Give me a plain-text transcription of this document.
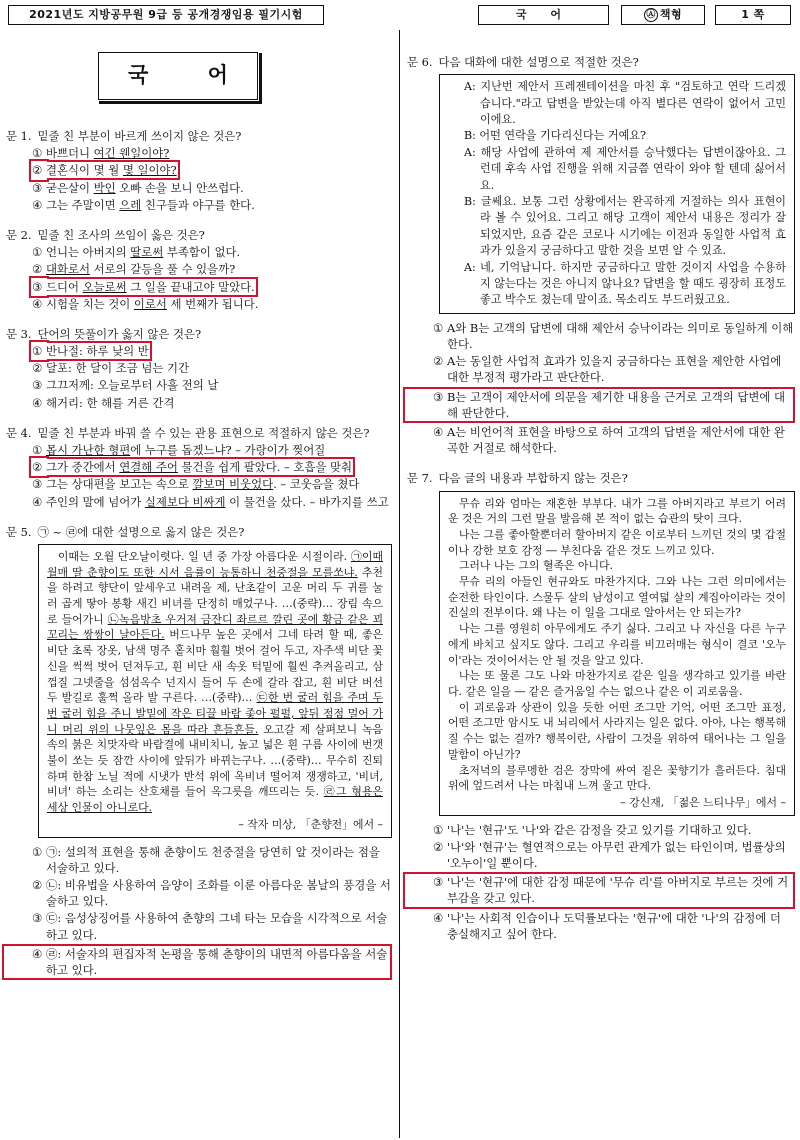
2021년도 지방공무원 9급 등 공개경쟁임용 필기시험	국 어	Ⓐ 책형	1 쪽
국 어
문 1. 밑줄 친 부분이 바르게 쓰이지 않은 것은?
① 바쁘더니 여긴 웬일이야?
② 결혼식이 몇 월 몇 일이야?
③ 굳은살이 박인 오빠 손을 보니 안쓰럽다.
④ 그는 주말이면 으레 친구들과 야구를 한다.
문 2. 밑줄 친 조사의 쓰임이 옳은 것은?
① 언니는 아버지의 딸로써 부족함이 없다.
② 대화로서 서로의 갈등을 풀 수 있을까?
③ 드디어 오늘로써 그 일을 끝내고야 말았다.
④ 시험을 치는 것이 이로서 세 번째가 됩니다.
문 3. 단어의 뜻풀이가 옳지 않은 것은?
① 반나절: 하루 낮의 반
② 달포: 한 달이 조금 넘는 기간
③ 그끄저께: 오늘로부터 사흘 전의 날
④ 해거리: 한 해를 거른 간격
문 4. 밑줄 친 부분과 바꿔 쓸 수 있는 관용 표현으로 적절하지 않은 것은?
① 몹시 가난한 형편에 누구를 돕겠느냐? – 가랑이가 찢어질
② 그가 중간에서 연결해 주어 물건을 쉽게 팔았다. – 호흡을 맞춰
③ 그는 상대편을 보고는 속으로 깔보며 비웃었다. – 코웃음을 쳤다
④ 주인의 말에 넘어가 실제보다 비싸게 이 물건을 샀다. – 바가지를 쓰고
문 5. ㉠ ~ ㉣에 대한 설명으로 옳지 않은 것은?

이때는 오월 단오날이렷다. 일 년 중 가장 아름다운 시절이라. ㉠이때 월매 딸 춘향이도 또한 시서 음률이 능통하니 천중절을 모를쏘냐. 추천을 하려고 향단이 앞세우고 내려올 제, 난초같이 고운 머리 두 귀를 눌러 곱게 땋아 봉황 새긴 비녀를 단정히 매었구나. …(중략)… 장림 속으로 들어가니 ㉡녹음방초 우거져 금잔디 좌르르 깔린 곳에 황금 같은 꾀꼬리는 쌍쌍이 날아든다. 버드나무 높은 곳에서 그네 타려 할 때, 좋은 비단 초록 장옷, 남색 명주 홑치마 훨훨 벗어 걸어 두고, 자주색 비단 꽃신을 썩썩 벗어 던져두고, 흰 비단 새 속옷 턱밑에 훨씬 추켜올리고, 삼 껍질 그넷줄을 섬섬옥수 넌지시 들어 두 손에 갈라 잡고, 흰 비단 버선 두 발길로 훌쩍 올라 발 구른다. …(중략)… ㉢한 번 굴러 힘을 주며 두 번 굴러 힘을 주니 발밑에 작은 티끌 바람 좇아 펄펄, 앞뒤 점점 멀어 가니 머리 위의 나뭇잎은 몸을 따라 흔들흔들. 오고갈 제 살펴보니 녹음 속의 붉은 치맛자락 바람결에 내비치니, 높고 넓은 흰 구름 사이에 번갯불이 쏘는 듯 잠깐 사이에 앞뒤가 바뀌는구나. …(중략)… 무수히 진퇴하며 한참 노닐 적에 시냇가 반석 위에 옥비녀 떨어져 쟁쟁하고, '비녀, 비녀' 하는 소리는 산호채를 들어 옥그릇을 깨뜨리는 듯. ㉣그 형용은 세상 인물이 아니로다.

– 작자 미상, 「춘향전」에서 –

① ㉠: 설의적 표현을 통해 춘향이도 천중절을 당연히 알 것이라는 점을 서술하고 있다.
② ㉡: 비유법을 사용하여 음양이 조화를 이룬 아름다운 봄날의 풍경을 서술하고 있다.
③ ㉢: 음성상징어를 사용하여 춘향의 그네 타는 모습을 시각적으로 서술하고 있다.
④ ㉣: 서술자의 편집자적 논평을 통해 춘향이의 내면적 아름다움을 서술하고 있다.
문 6. 다음 대화에 대한 설명으로 적절한 것은?

A: 지난번 제안서 프레젠테이션을 마친 후 "검토하고 연락 드리겠습니다."라고 답변을 받았는데 아직 별다른 연락이 없어서 고민이에요.

B: 어떤 연락을 기다리신다는 거예요?

A: 해당 사업에 관하여 제 제안서를 승낙했다는 답변이잖아요. 그런데 후속 사업 진행을 위해 지금쯤 연락이 와야 할 텐데 싫어서요.

B: 글쎄요. 보통 그런 상황에서는 완곡하게 거절하는 의사 표현이라 볼 수 있어요. 그리고 해당 고객이 제안서 내용은 정리가 잘되었지만, 요즘 같은 코로나 시기에는 이전과 동일한 사업적 효과가 있을지 궁금하다고 말한 것을 보면 알 수 있죠.

A: 네, 기억납니다. 하지만 궁금하다고 말한 것이지 사업을 수용하지 않는다는 것은 아니지 않나요? 답변을 할 때도 굉장히 표정도 좋고 박수도 쳤는데 말이죠. 목소리도 부드러웠고요.

① A와 B는 고객의 답변에 대해 제안서 승낙이라는 의미로 동일하게 이해한다.
② A는 동일한 사업적 효과가 있을지 궁금하다는 표현을 제안한 사업에 대한 부정적 평가라고 판단한다.
③ B는 고객이 제안서에 의문을 제기한 내용을 근거로 고객의 답변에 대해 판단한다.
④ A는 비언어적 표현을 바탕으로 하여 고객의 답변을 제안서에 대한 완곡한 거절로 해석한다.
문 7. 다음 글의 내용과 부합하지 않는 것은?

무슈 리와 엄마는 재혼한 부부다. 내가 그를 아버지라고 부르기 어려운 것은 거의 그런 말을 발음해 본 적이 없는 습관의 탓이 크다.

나는 그를 좋아할뿐더러 할아버지 같은 이로부터 느끼던 것의 몇 갑절이나 강한 보호 감정 ― 부친다움 같은 것도 느끼고 있다.

그러나 나는 그의 혈족은 아니다.

무슈 리의 아들인 현규와도 마찬가지다. 그와 나는 그런 의미에서는 순전한 타인이다. 스물두 살의 남성이고 열여덟 살의 계집아이라는 것이 진실의 전부이다. 왜 나는 이 일을 그대로 알아서는 안 되는가?

나는 그를 영원히 아무에게도 주기 싫다. 그리고 나 자신을 다른 누구에게 바치고 싶지도 않다. 그리고 우리를 비끄러매는 형식이 결코 '오누이'라는 것이어서는 안 될 것을 알고 있다.

나는 또 물론 그도 나와 마찬가지로 같은 일을 생각하고 있기를 바란다. 같은 일을 ― 같은 즐거움일 수는 없으나 같은 이 괴로움을.

이 괴로움과 상관이 있을 듯한 어떤 조그만 기억, 어떤 조그만 표정, 어떤 조그만 암시도 내 뇌리에서 사라지는 일은 없다. 아아, 나는 행복해질 수는 없는 걸까? 행복이란, 사람이 그것을 위하여 태어나는 그 일을 말함이 아닌가?

초저녁의 블루멩한 검은 장막에 싸여 짙은 꽃향기가 흘러든다. 침대 위에 엎드려서 나는 마침내 느껴 울고 만다.

– 강신재, 「젊은 느티나무」에서 –

① '나'는 '현규'도 '나'와 같은 감정을 갖고 있기를 기대하고 있다.
② '나'와 '현규'는 혈연적으로는 아무런 관계가 없는 타인이며, 법률상의 '오누이'일 뿐이다.
③ '나'는 '현규'에 대한 감정 때문에 '무슈 리'를 아버지로 부르는 것에 거부감을 갖고 있다.
④ '나'는 사회적 인습이나 도덕률보다는 '현규'에 대한 '나'의 감정에 더 충실해지고 싶어 한다.
